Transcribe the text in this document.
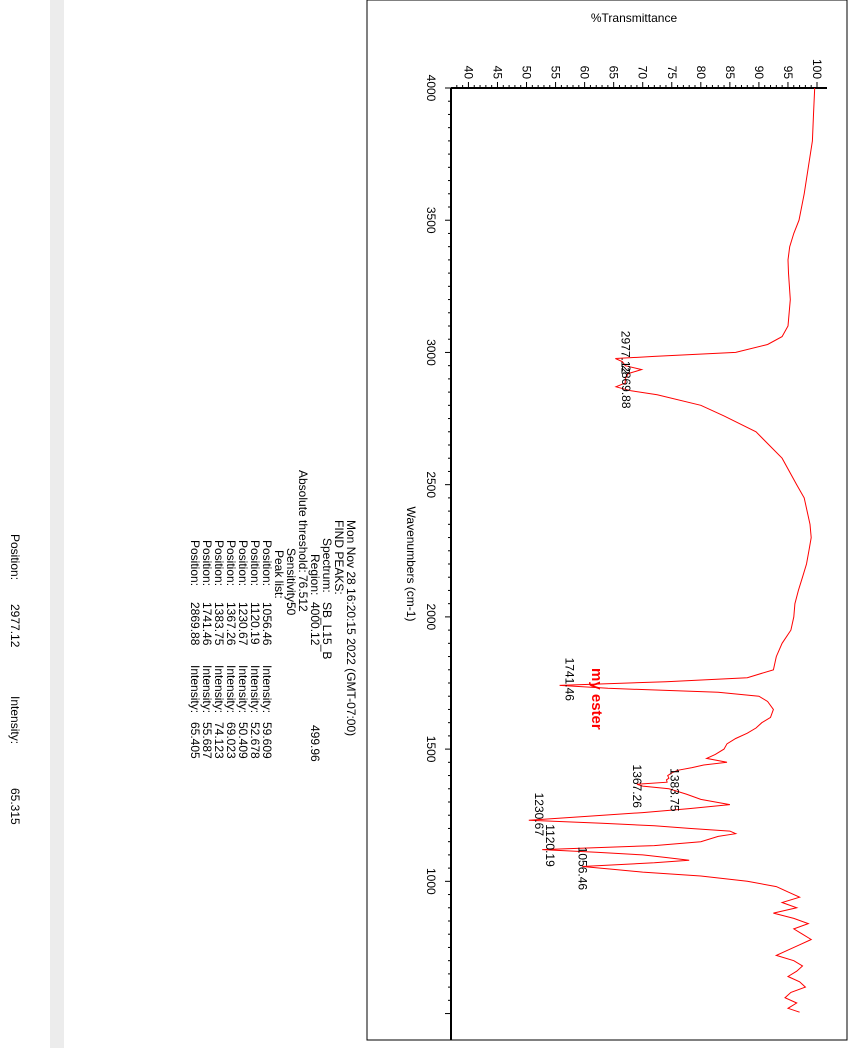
4000
3500
3000
2500
2000
1500
1000
40 45 50 55 60 65 70 75 80 85 90 95 100
Wavenumbers (cm-1)
%Transmittance
2977.12
2869.88
1741.46
1383.75
1367.26
1230.67
1120.19
1056.46
Mon Nov 28 16:20:15 2022 (GMT-07:00)
FIND PEAKS:
Spectrum:
SB_L15_B
Region:
4000.12
499.96
Absolute threshold:
76.512
Sensitivity:
50
Peak list:
Position:
1056.46
Intensity:
59.609
Position:
1120.19
Intensity:
52.678
Position:
1230.67
Intensity:
50.409
Position:
1367.26
Intensity:
69.023
Position:
1383.75
Intensity:
74.123
Position:
1741.46
Intensity:
55.687
Position:
2869.88
Intensity:
65.405
my ester
Position:
2977.12
Intensity:
65.315
